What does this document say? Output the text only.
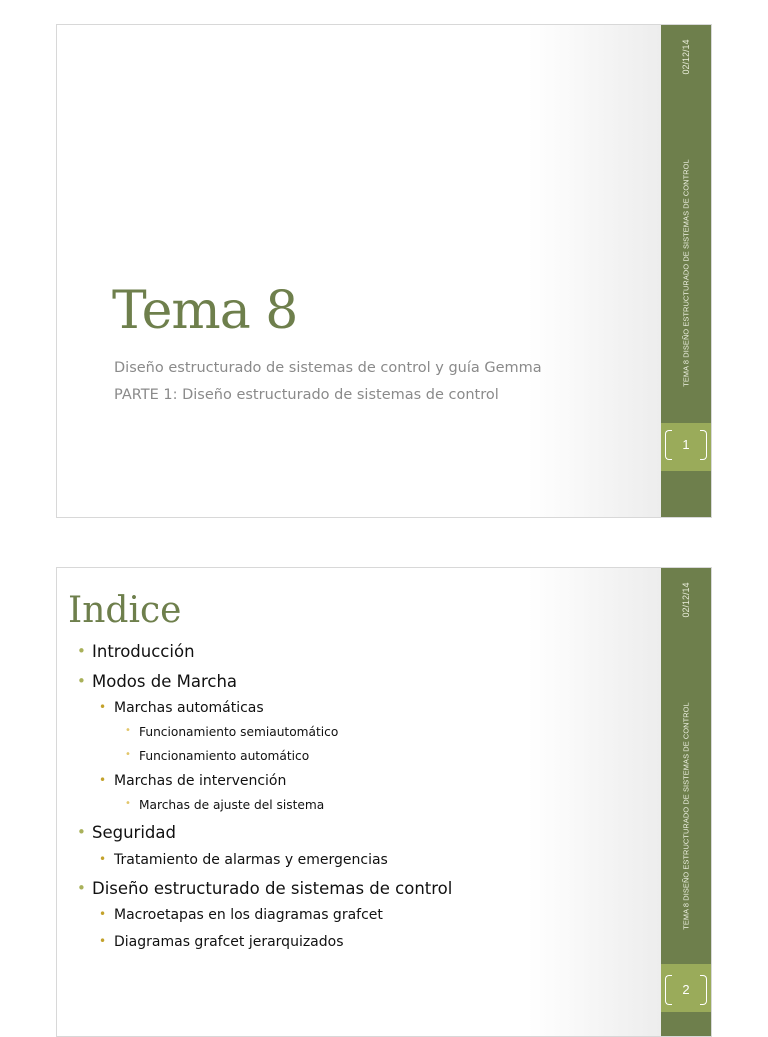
Tema 8
Diseño estructurado de sistemas de control y guía Gemma
PARTE 1: Diseño estructurado de sistemas de control
02/12/14
TEMA 8 DISEÑO ESTRUCTURADO DE SISTEMAS DE CONTROL
1
Indice
• Introducción
• Modos de Marcha
• Marchas automáticas
• Funcionamiento semiautomático
• Funcionamiento automático
• Marchas de intervención
• Marchas de ajuste del sistema
• Seguridad
• Tratamiento de alarmas y emergencias
• Diseño estructurado de sistemas de control
• Macroetapas en los diagramas grafcet
• Diagramas grafcet jerarquizados
02/12/14
TEMA 8 DISEÑO ESTRUCTURADO DE SISTEMAS DE CONTROL
2
